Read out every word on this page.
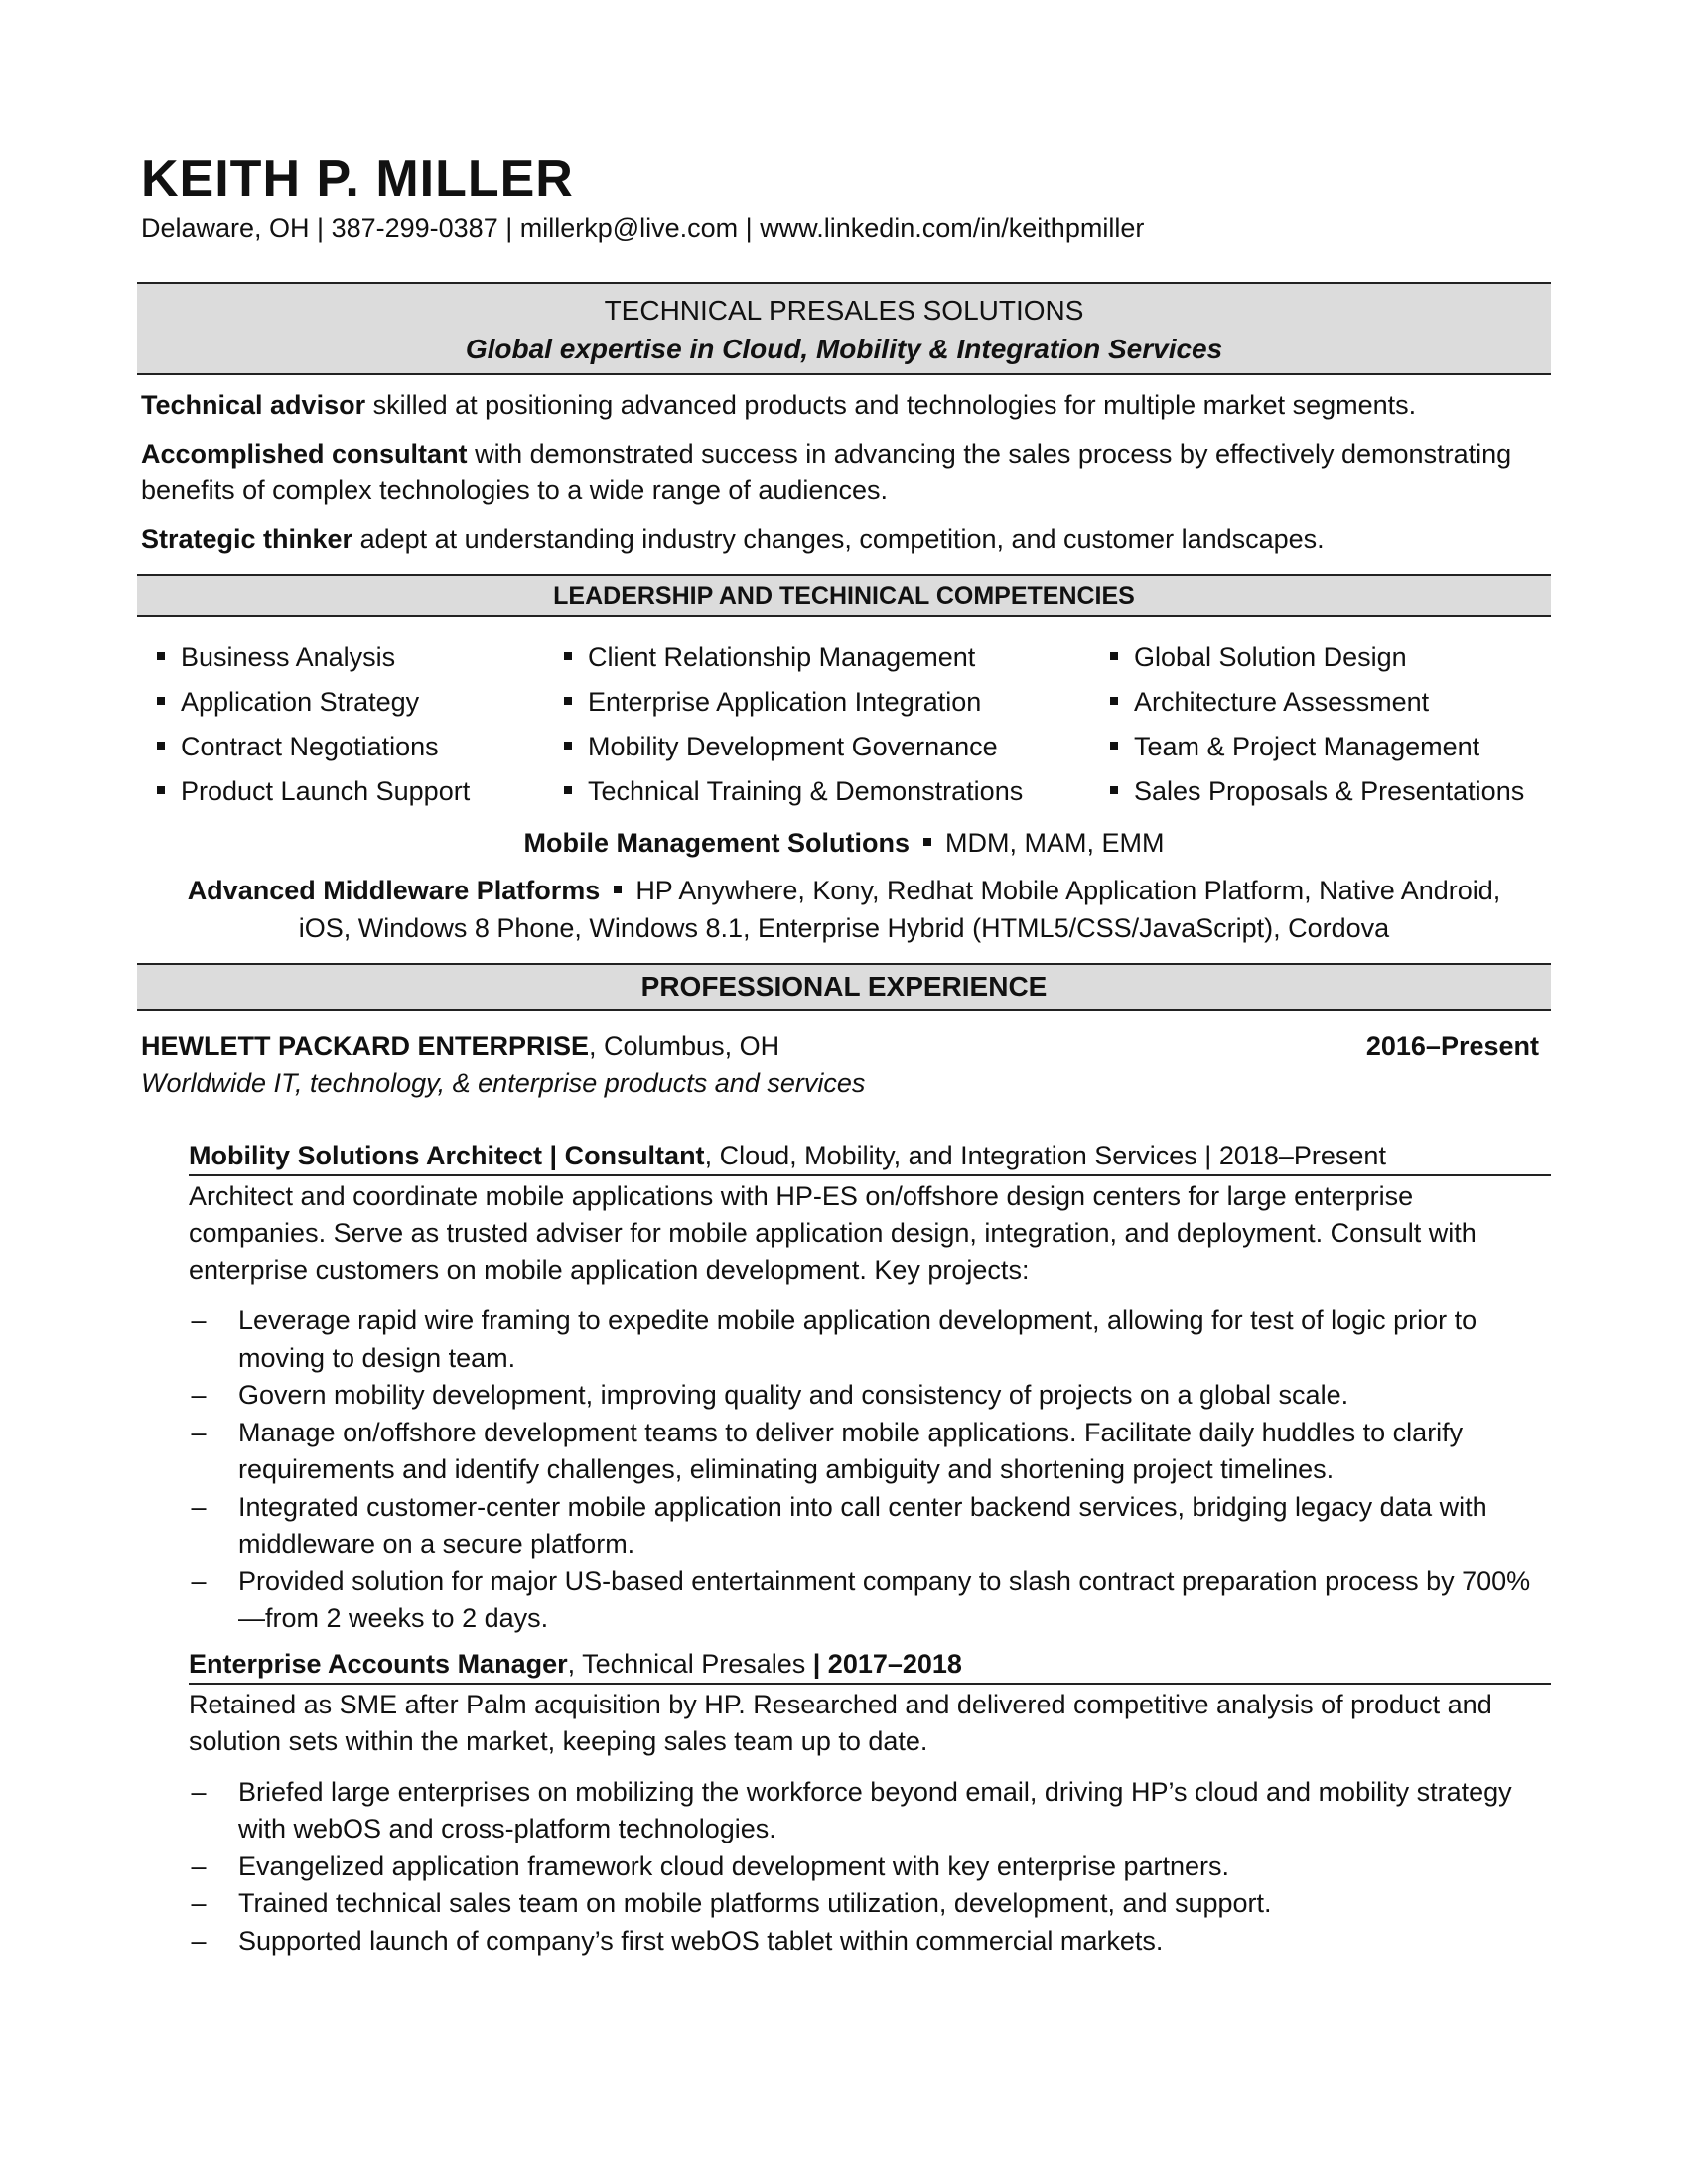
KEITH P. MILLER
Delaware, OH | 387-299-0387 | millerkp@live.com | www.linkedin.com/in/keithpmiller
TECHNICAL PRESALES SOLUTIONS
Global expertise in Cloud, Mobility & Integration Services

Technical advisor skilled at positioning advanced products and technologies for multiple market segments.

Accomplished consultant with demonstrated success in advancing the sales process by effectively demonstrating benefits of complex technologies to a wide range of audiences.

Strategic thinker adept at understanding industry changes, competition, and customer landscapes.

LEADERSHIP AND TECHINICAL COMPETENCIES
Business Analysis	Client Relationship Management	Global Solution Design
Application Strategy	Enterprise Application Integration	Architecture Assessment
Contract Negotiations	Mobility Development Governance	Team & Project Management
Product Launch Support	Technical Training & Demonstrations	Sales Proposals & Presentations
Mobile Management Solutions MDM, MAM, EMM
Advanced Middleware Platforms HP Anywhere, Kony, Redhat Mobile Application Platform, Native Android,
iOS, Windows 8 Phone, Windows 8.1, Enterprise Hybrid (HTML5/CSS/JavaScript), Cordova
PROFESSIONAL EXPERIENCE
HEWLETT PACKARD ENTERPRISE, Columbus, OH	2016–Present
Worldwide IT, technology, & enterprise products and services
Mobility Solutions Architect | Consultant, Cloud, Mobility, and Integration Services | 2018–Present
Architect and coordinate mobile applications with HP-ES on/offshore design centers for large enterprise companies. Serve as trusted adviser for mobile application design, integration, and deployment. Consult with enterprise customers on mobile application development. Key projects:
– Leverage rapid wire framing to expedite mobile application development, allowing for test of logic prior to moving to design team.
– Govern mobility development, improving quality and consistency of projects on a global scale.
– Manage on/offshore development teams to deliver mobile applications. Facilitate daily huddles to clarify requirements and identify challenges, eliminating ambiguity and shortening project timelines.
– Integrated customer-center mobile application into call center backend services, bridging legacy data with middleware on a secure platform.
– Provided solution for major US-based entertainment company to slash contract preparation process by 700%—from 2 weeks to 2 days.
Enterprise Accounts Manager, Technical Presales | 2017–2018
Retained as SME after Palm acquisition by HP. Researched and delivered competitive analysis of product and solution sets within the market, keeping sales team up to date.
– Briefed large enterprises on mobilizing the workforce beyond email, driving HP’s cloud and mobility strategy with webOS and cross-platform technologies.
– Evangelized application framework cloud development with key enterprise partners.
– Trained technical sales team on mobile platforms utilization, development, and support.
– Supported launch of company’s first webOS tablet within commercial markets.
